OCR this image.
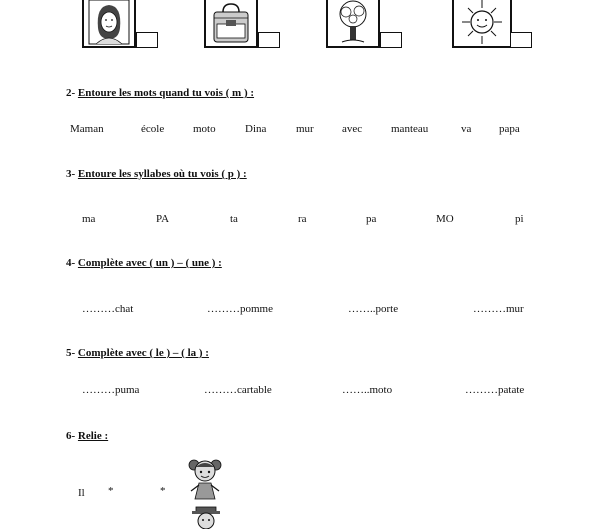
2- Entoure les mots quand tu vois ( m ) :
Maman	école	moto	Dina	mur	avec	manteau	va	papa
3- Entoure les syllabes où tu vois ( p ) :
ma	PA	ta	ra	pa	MO	pi
4- Complète avec ( un ) – ( une ) :
………chat	………pomme	……..porte	………mur
5- Complète avec ( le ) – ( la ) :
………puma	………cartable	……..moto	………patate
6- Relie :
Il *	*
